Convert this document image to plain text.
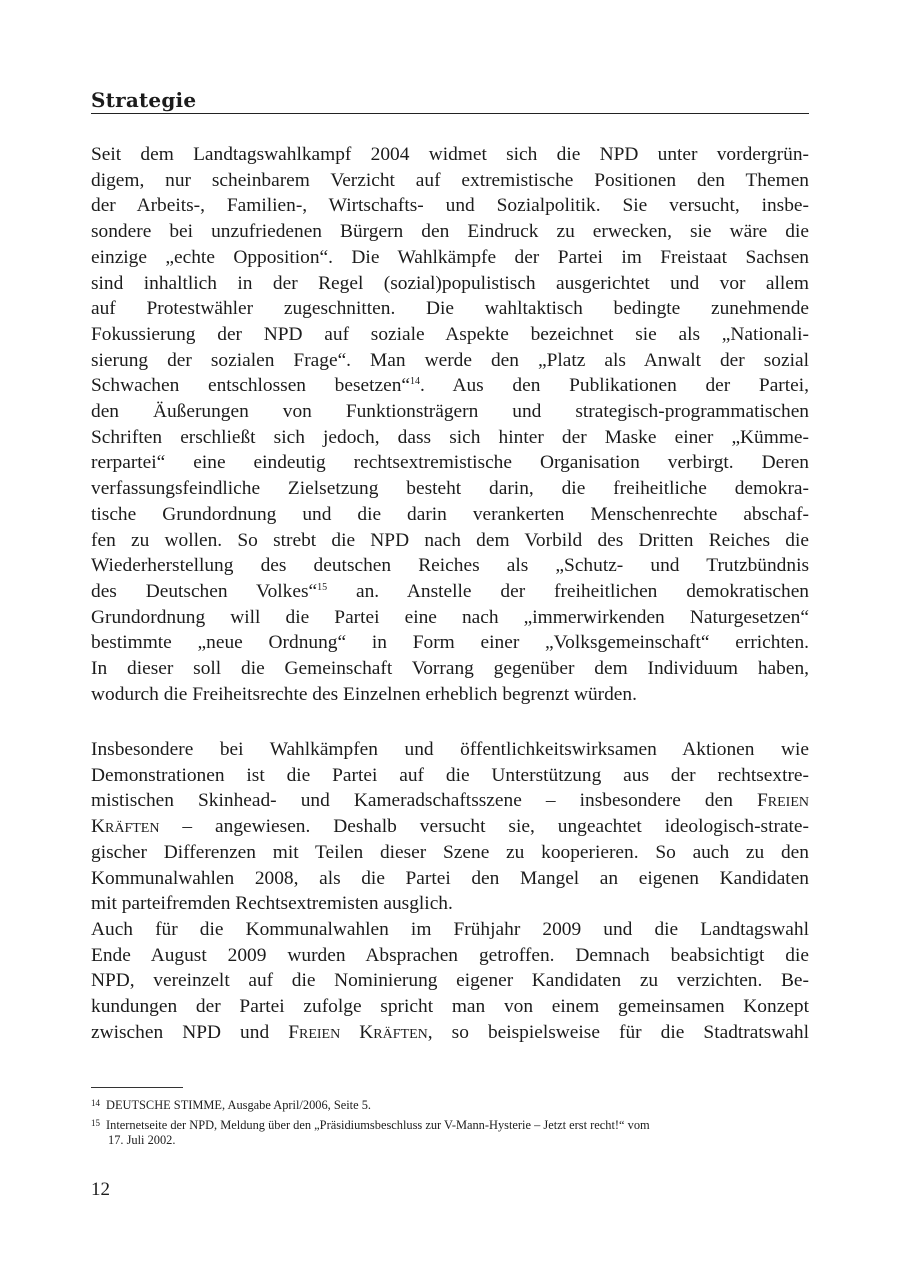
Strategie
Seit dem Landtagswahlkampf 2004 widmet sich die NPD unter vordergrün-
digem, nur scheinbarem Verzicht auf extremistische Positionen den Themen
der Arbeits-, Familien-, Wirtschafts- und Sozialpolitik. Sie versucht, insbe-
sondere bei unzufriedenen Bürgern den Eindruck zu erwecken, sie wäre die
einzige „echte Opposition“. Die Wahlkämpfe der Partei im Freistaat Sachsen
sind inhaltlich in der Regel (sozial)populistisch ausgerichtet und vor allem
auf Protestwähler zugeschnitten. Die wahltaktisch bedingte zunehmende
Fokussierung der NPD auf soziale Aspekte bezeichnet sie als „Nationali-
sierung der sozialen Frage“. Man werde den „Platz als Anwalt der sozial
Schwachen entschlossen besetzen“$^{14}$. Aus den Publikationen der Partei,
den Äußerungen von Funktionsträgern und strategisch-programmatischen
Schriften erschließt sich jedoch, dass sich hinter der Maske einer „Kümme-
rerpartei“ eine eindeutig rechtsextremistische Organisation verbirgt. Deren
verfassungsfeindliche Zielsetzung besteht darin, die freiheitliche demokra-
tische Grundordnung und die darin verankerten Menschenrechte abschaf-
fen zu wollen. So strebt die NPD nach dem Vorbild des Dritten Reiches die
Wiederherstellung des deutschen Reiches als „Schutz- und Trutzbündnis
des Deutschen Volkes“$^{15}$ an. Anstelle der freiheitlichen demokratischen
Grundordnung will die Partei eine nach „immerwirkenden Naturgesetzen“
bestimmte „neue Ordnung“ in Form einer „Volksgemeinschaft“ errichten.
In dieser soll die Gemeinschaft Vorrang gegenüber dem Individuum haben,
wodurch die Freiheitsrechte des Einzelnen erheblich begrenzt würden.
Insbesondere bei Wahlkämpfen und öffentlichkeitswirksamen Aktionen wie
Demonstrationen ist die Partei auf die Unterstützung aus der rechtsextre-
mistischen Skinhead- und Kameradschaftsszene – insbesondere den Freien
Kräften – angewiesen. Deshalb versucht sie, ungeachtet ideologisch-strate-
gischer Differenzen mit Teilen dieser Szene zu kooperieren. So auch zu den
Kommunalwahlen 2008, als die Partei den Mangel an eigenen Kandidaten
mit parteifremden Rechtsextremisten ausglich.
Auch für die Kommunalwahlen im Frühjahr 2009 und die Landtagswahl
Ende August 2009 wurden Absprachen getroffen. Demnach beabsichtigt die
NPD, vereinzelt auf die Nominierung eigener Kandidaten zu verzichten. Be-
kundungen der Partei zufolge spricht man von einem gemeinsamen Konzept
zwischen NPD und Freien Kräften, so beispielsweise für die Stadtratswahl

$^{14}$ DEUTSCHE STIMME, Ausgabe April/2006, Seite 5.

$^{15}$ Internetseite der NPD, Meldung über den „Präsidiumsbeschluss zur V-Mann-Hysterie – Jetzt erst recht!“ vom
17. Juli 2002.

12
